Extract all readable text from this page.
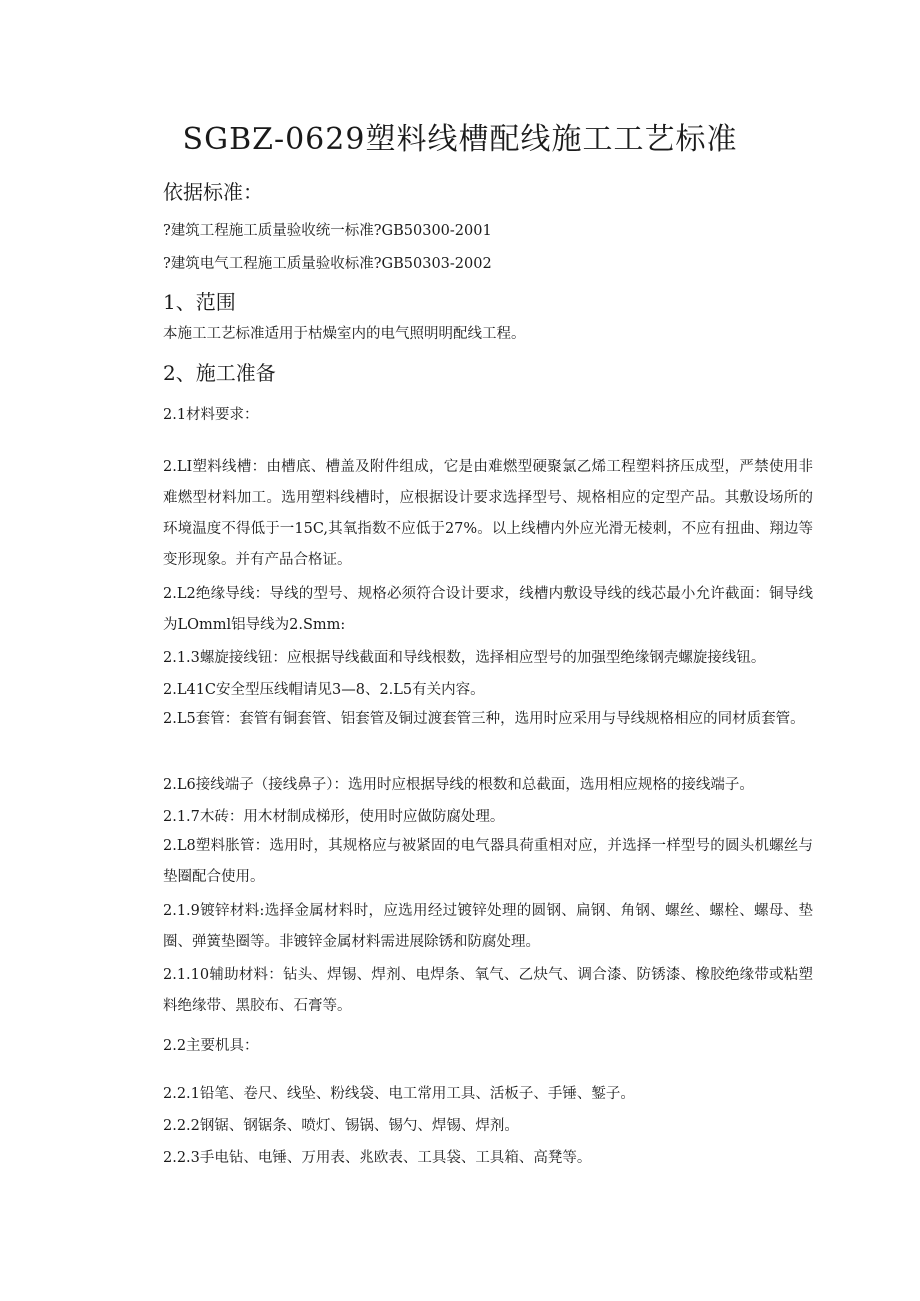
SGBZ-0629塑料线槽配线施工工艺标准
依据标准：
?建筑工程施工质量验收统一标准?GB50300-2001
?建筑电气工程施工质量验收标准?GB50303-2002
1、范围
本施工工艺标准适用于枯燥室内的电气照明明配线工程。
2、施工准备
2.1材料要求：
2.LI塑料线槽：由槽底、槽盖及附件组成，它是由难燃型硬聚氯乙烯工程塑料挤压成型，严禁使用非难燃型材料加工。选用塑料线槽时，应根据设计要求选择型号、规格相应的定型产品。其敷设场所的环境温度不得低于一15C,其氧指数不应低于27%。以上线槽内外应光滑无棱刺，不应有扭曲、翔边等变形现象。并有产品合格证。
2.L2绝缘导线：导线的型号、规格必须符合设计要求，线槽内敷设导线的线芯最小允许截面：铜导线为LOmml铝导线为2.Smm:
2.1.3螺旋接线钮：应根据导线截面和导线根数，选择相应型号的加强型绝缘钢壳螺旋接线钮。
2.L41C安全型压线帽请见3—8、2.L5有关内容。
2.L5套管：套管有铜套管、铝套管及铜过渡套管三种，选用时应采用与导线规格相应的同材质套管。
2.L6接线端子（接线鼻子）：选用时应根据导线的根数和总截面，选用相应规格的接线端子。
2.1.7木砖：用木材制成梯形，使用时应做防腐处理。
2.L8塑料胀管：选用时，其规格应与被紧固的电气器具荷重相对应，并选择一样型号的圆头机螺丝与垫圈配合使用。
2.1.9镀锌材料:选择金属材料时，应选用经过镀锌处理的圆钢、扁钢、角钢、螺丝、螺栓、螺母、垫圈、弹簧垫圈等。非镀锌金属材料需进展除锈和防腐处理。
2.1.10辅助材料：钻头、焊锡、焊剂、电焊条、氧气、乙炔气、调合漆、防锈漆、橡胶绝缘带或粘塑料绝缘带、黑胶布、石膏等。
2.2主要机具：
2.2.1铅笔、卷尺、线坠、粉线袋、电工常用工具、活板子、手锤、錾子。
2.2.2钢锯、钢锯条、喷灯、锡锅、锡勺、焊锡、焊剂。
2.2.3手电钻、电锤、万用表、兆欧表、工具袋、工具箱、高凳等。
